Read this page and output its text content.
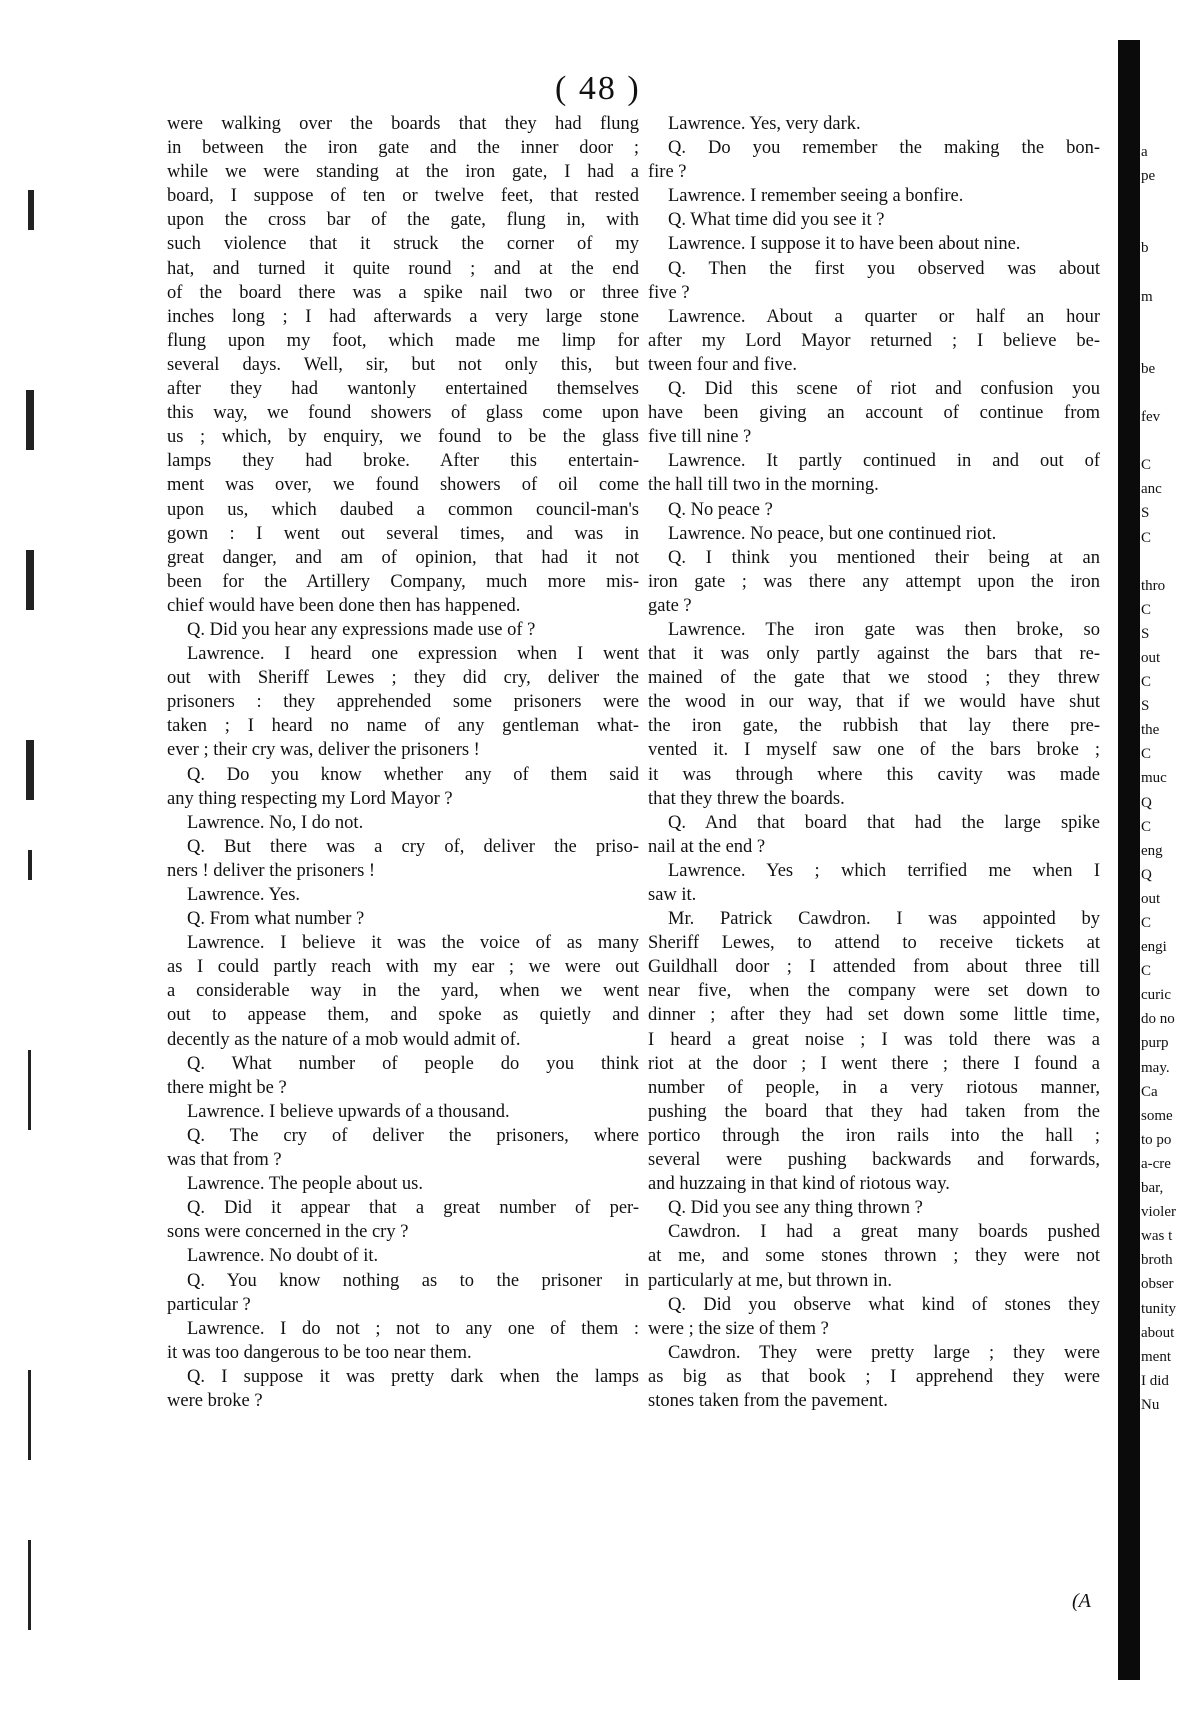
( 48 )
were walking over the boards that they had flung
in between the iron gate and the inner door ;
while we were standing at the iron gate, I had a
board, I suppose of ten or twelve feet, that rested
upon the cross bar of the gate, flung in, with
such violence that it struck the corner of my
hat, and turned it quite round ; and at the end
of the board there was a spike nail two or three
inches long ; I had afterwards a very large stone
flung upon my foot, which made me limp for
several days. Well, sir, but not only this, but
after they had wantonly entertained themselves
this way, we found showers of glass come upon
us ; which, by enquiry, we found to be the glass
lamps they had broke. After this entertain-
ment was over, we found showers of oil come
upon us, which daubed a common council-man's
gown : I went out several times, and was in
great danger, and am of opinion, that had it not
been for the Artillery Company, much more mis-
chief would have been done then has happened.
Q. Did you hear any expressions made use of ?
Lawrence. I heard one expression when I went
out with Sheriff Lewes ; they did cry, deliver the
prisoners : they apprehended some prisoners were
taken ; I heard no name of any gentleman what-
ever ; their cry was, deliver the prisoners !
Q. Do you know whether any of them said
any thing respecting my Lord Mayor ?
Lawrence. No, I do not.
Q. But there was a cry of, deliver the priso-
ners ! deliver the prisoners !
Lawrence. Yes.
Q. From what number ?
Lawrence. I believe it was the voice of as many
as I could partly reach with my ear ; we were out
a considerable way in the yard, when we went
out to appease them, and spoke as quietly and
decently as the nature of a mob would admit of.
Q. What number of people do you think
there might be ?
Lawrence. I believe upwards of a thousand.
Q. The cry of deliver the prisoners, where
was that from ?
Lawrence. The people about us.
Q. Did it appear that a great number of per-
sons were concerned in the cry ?
Lawrence. No doubt of it.
Q. You know nothing as to the prisoner in
particular ?
Lawrence. I do not ; not to any one of them :
it was too dangerous to be too near them.
Q. I suppose it was pretty dark when the lamps
were broke ?
Lawrence. Yes, very dark.
Q. Do you remember the making the bon-
fire ?
Lawrence. I remember seeing a bonfire.
Q. What time did you see it ?
Lawrence. I suppose it to have been about nine.
Q. Then the first you observed was about
five ?
Lawrence. About a quarter or half an hour
after my Lord Mayor returned ; I believe be-
tween four and five.
Q. Did this scene of riot and confusion you
have been giving an account of continue from
five till nine ?
Lawrence. It partly continued in and out of
the hall till two in the morning.
Q. No peace ?
Lawrence. No peace, but one continued riot.
Q. I think you mentioned their being at an
iron gate ; was there any attempt upon the iron
gate ?
Lawrence. The iron gate was then broke, so
that it was only partly against the bars that re-
mained of the gate that we stood ; they threw
the wood in our way, that if we would have shut
the iron gate, the rubbish that lay there pre-
vented it. I myself saw one of the bars broke ;
it was through where this cavity was made
that they threw the boards.
Q. And that board that had the large spike
nail at the end ?
Lawrence. Yes ; which terrified me when I
saw it.
Mr. Patrick Cawdron. I was appointed by
Sheriff Lewes, to attend to receive tickets at
Guildhall door ; I attended from about three till
near five, when the company were set down to
dinner ; after they had set down some little time,
I heard a great noise ; I was told there was a
riot at the door ; I went there ; there I found a
number of people, in a very riotous manner,
pushing the board that they had taken from the
portico through the iron rails into the hall ;
several were pushing backwards and forwards,
and huzzaing in that kind of riotous way.
Q. Did you see any thing thrown ?
Cawdron. I had a great many boards pushed
at me, and some stones thrown ; they were not
particularly at me, but thrown in.
Q. Did you observe what kind of stones they
were ; the size of them ?
Cawdron. They were pretty large ; they were
as big as that book ; I apprehend they were
stones taken from the pavement.
(A
a
pe
b
m
be
fev
C
anc
S
C
thro
C
S
out
C
S
the
C
muc
Q
C
eng
Q
out
C
engi
C
curic
do no
purp
may.
Ca
some
to po
a-cre
bar,
violer
was t
broth
obser
tunity
about
ment
I did
Nu
